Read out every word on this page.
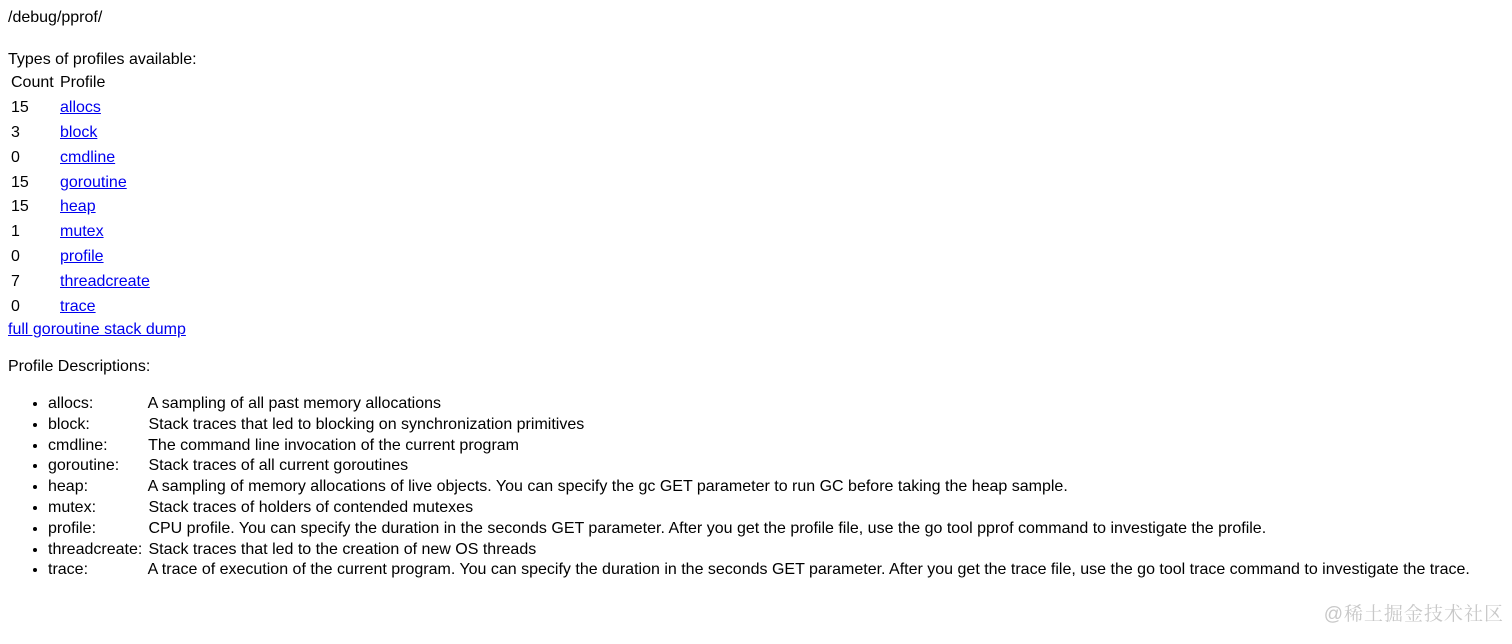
/debug/pprof/
Types of profiles available:
Count	Profile
15	allocs
3	block
0	cmdline
15	goroutine
15	heap
1	mutex
0	profile
7	threadcreate
0	trace
full goroutine stack dump

Profile Descriptions:

• allocs:	A sampling of all past memory allocations
• block:	Stack traces that led to blocking on synchronization primitives
• cmdline:	The command line invocation of the current program
• goroutine: Stack traces of all current goroutines
• heap:	A sampling of memory allocations of live objects. You can specify the gc GET parameter to run GC before taking the heap sample.
• mutex:	Stack traces of holders of contended mutexes
• profile:	CPU profile. You can specify the duration in the seconds GET parameter. After you get the profile file, use the go tool pprof command to investigate the profile.
• threadcreate: Stack traces that led to the creation of new OS threads
• trace:	A trace of execution of the current program. You can specify the duration in the seconds GET parameter. After you get the trace file, use the go tool trace command to investigate the trace.
@稀土掘金技术社区
